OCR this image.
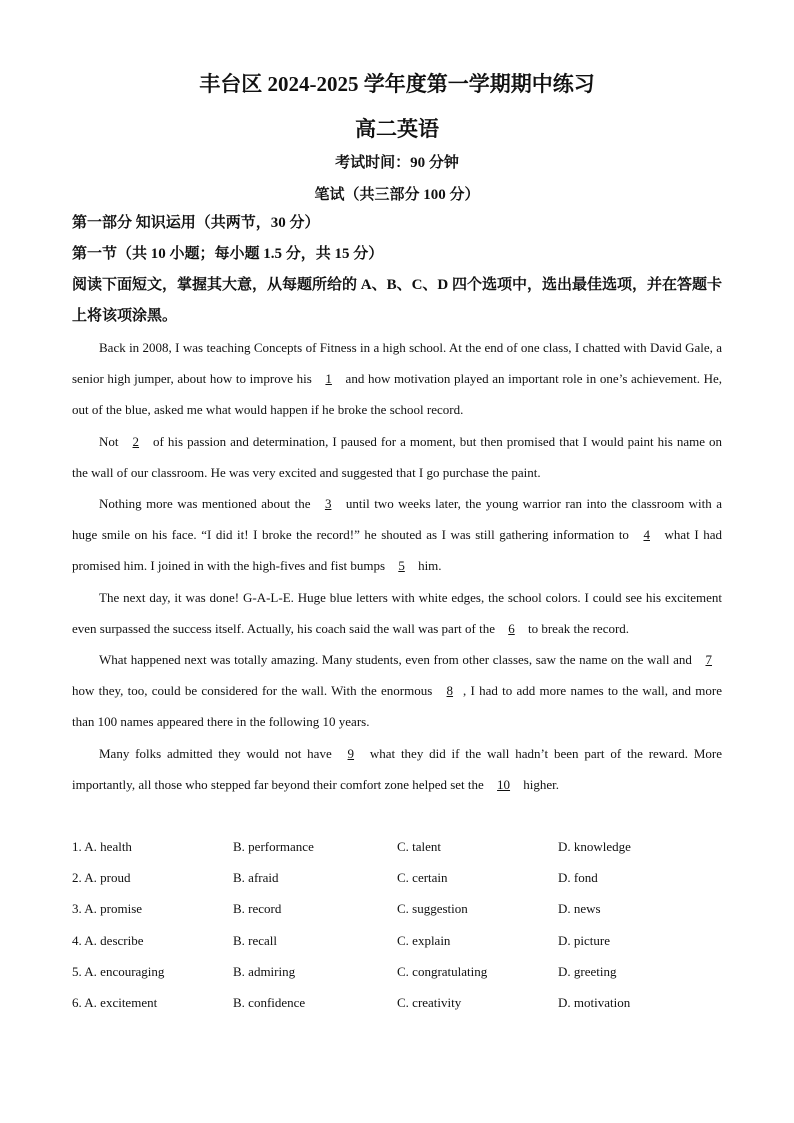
丰台区 2024-2025 学年度第一学期期中练习
高二英语
考试时间：90 分钟
笔试（共三部分 100 分）
第一部分 知识运用（共两节，30 分）
第一节（共 10 小题；每小题 1.5 分，共 15 分）
阅读下面短文，掌握其大意，从每题所给的 A、B、C、D 四个选项中，选出最佳选项，并在答题卡上将该项涂黑。

Back in 2008, I was teaching Concepts of Fitness in a high school. At the end of one class, I chatted with David Gale, a senior high jumper, about how to improve his 1 and how motivation played an important role in one’s achievement. He, out of the blue, asked me what would happen if he broke the school record.

Not 2 of his passion and determination, I paused for a moment, but then promised that I would paint his name on the wall of our classroom. He was very excited and suggested that I go purchase the paint.

Nothing more was mentioned about the 3 until two weeks later, the young warrior ran into the classroom with a huge smile on his face. “I did it! I broke the record!” he shouted as I was still gathering information to 4 what I had promised him. I joined in with the high-fives and fist bumps 5 him.

The next day, it was done! G-A-L-E. Huge blue letters with white edges, the school colors. I could see his excitement even surpassed the success itself. Actually, his coach said the wall was part of the 6 to break the record.

What happened next was totally amazing. Many students, even from other classes, saw the name on the wall and 7 how they, too, could be considered for the wall. With the enormous 8 , I had to add more names to the wall, and more than 100 names appeared there in the following 10 years.

Many folks admitted they would not have 9 what they did if the wall hadn’t been part of the reward. More importantly, all those who stepped far beyond their comfort zone helped set the 10 higher.

1. A. health	B. performance	C. talent	D. knowledge
2. A. proud	B. afraid	C. certain	D. fond
3. A. promise	B. record	C. suggestion	D. news
4. A. describe	B. recall	C. explain	D. picture
5. A. encouraging	B. admiring	C. congratulating	D. greeting
6. A. excitement	B. confidence	C. creativity	D. motivation
